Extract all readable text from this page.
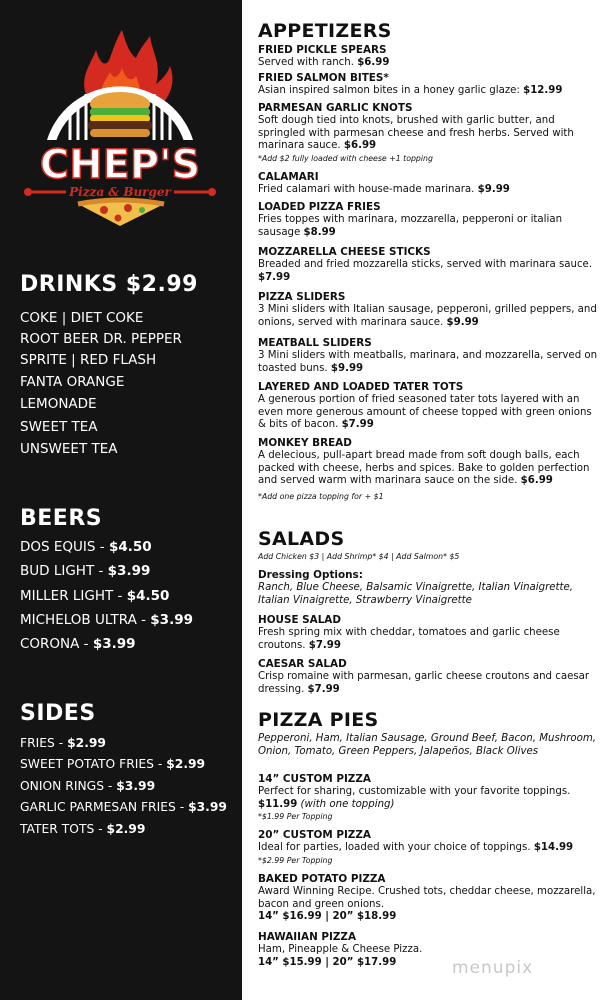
CHEP'S
Pizza & Burger
DRINKS $2.99
COKE | DIET COKE
ROOT BEER DR. PEPPER
SPRITE | RED FLASH
FANTA ORANGE
LEMONADE
SWEET TEA
UNSWEET TEA
BEERS
DOS EQUIS - $4.50
BUD LIGHT - $3.99
MILLER LIGHT - $4.50
MICHELOB ULTRA - $3.99
CORONA - $3.99
SIDES
FRIES - $2.99
SWEET POTATO FRIES - $2.99
ONION RINGS - $3.99
GARLIC PARMESAN FRIES - $3.99
TATER TOTS - $2.99
APPETIZERS
FRIED PICKLE SPEARS
Served with ranch. $6.99
FRIED SALMON BITES*
Asian inspired salmon bites in a honey garlic glaze: $12.99
PARMESAN GARLIC KNOTS
Soft dough tied into knots, brushed with garlic butter, and springled with parmesan cheese and fresh herbs. Served with marinara sauce. $6.99
*Add $2 fully loaded with cheese +1 topping
CALAMARI
Fried calamari with house-made marinara. $9.99
LOADED PIZZA FRIES
Fries toppes with marinara, mozzarella, pepperoni or italian sausage $8.99
MOZZARELLA CHEESE STICKS
Breaded and fried mozzarella sticks, served with marinara sauce. $7.99
PIZZA SLIDERS
3 Mini sliders with Italian sausage, pepperoni, grilled peppers, and onions, served with marinara sauce. $9.99
MEATBALL SLIDERS
3 Mini sliders with meatballs, marinara, and mozzarella, served on toasted buns. $9.99
LAYERED AND LOADED TATER TOTS
A generous portion of fried seasoned tater tots layered with an even more generous amount of cheese topped with green onions & bits of bacon. $7.99
MONKEY BREAD
A delecious, pull-apart bread made from soft dough balls, each packed with cheese, herbs and spices. Bake to golden perfection and served warm with marinara sauce on the side. $6.99
*Add one pizza topping for + $1
SALADS
Add Chicken $3 | Add Shrimp* $4 | Add Salmon* $5
Dressing Options:
Ranch, Blue Cheese, Balsamic Vinaigrette, Italian Vinaigrette, Italian Vinaigrette, Strawberry Vinaigrette
HOUSE SALAD
Fresh spring mix with cheddar, tomatoes and garlic cheese croutons. $7.99
CAESAR SALAD
Crisp romaine with parmesan, garlic cheese croutons and caesar dressing. $7.99
PIZZA PIES
Pepperoni, Ham, Italian Sausage, Ground Beef, Bacon, Mushroom, Onion, Tomato, Green Peppers, Jalapeños, Black Olives
14” CUSTOM PIZZA
Perfect for sharing, customizable with your favorite toppings. $11.99 (with one topping)
*$1.99 Per Topping
20” CUSTOM PIZZA
Ideal for parties, loaded with your choice of toppings. $14.99
*$2.99 Per Topping
BAKED POTATO PIZZA
Award Winning Recipe. Crushed tots, cheddar cheese, mozzarella, bacon and green onions.
14” $16.99 | 20” $18.99
HAWAIIAN PIZZA
Ham, Pineapple & Cheese Pizza.
14” $15.99 | 20” $17.99	menupix
